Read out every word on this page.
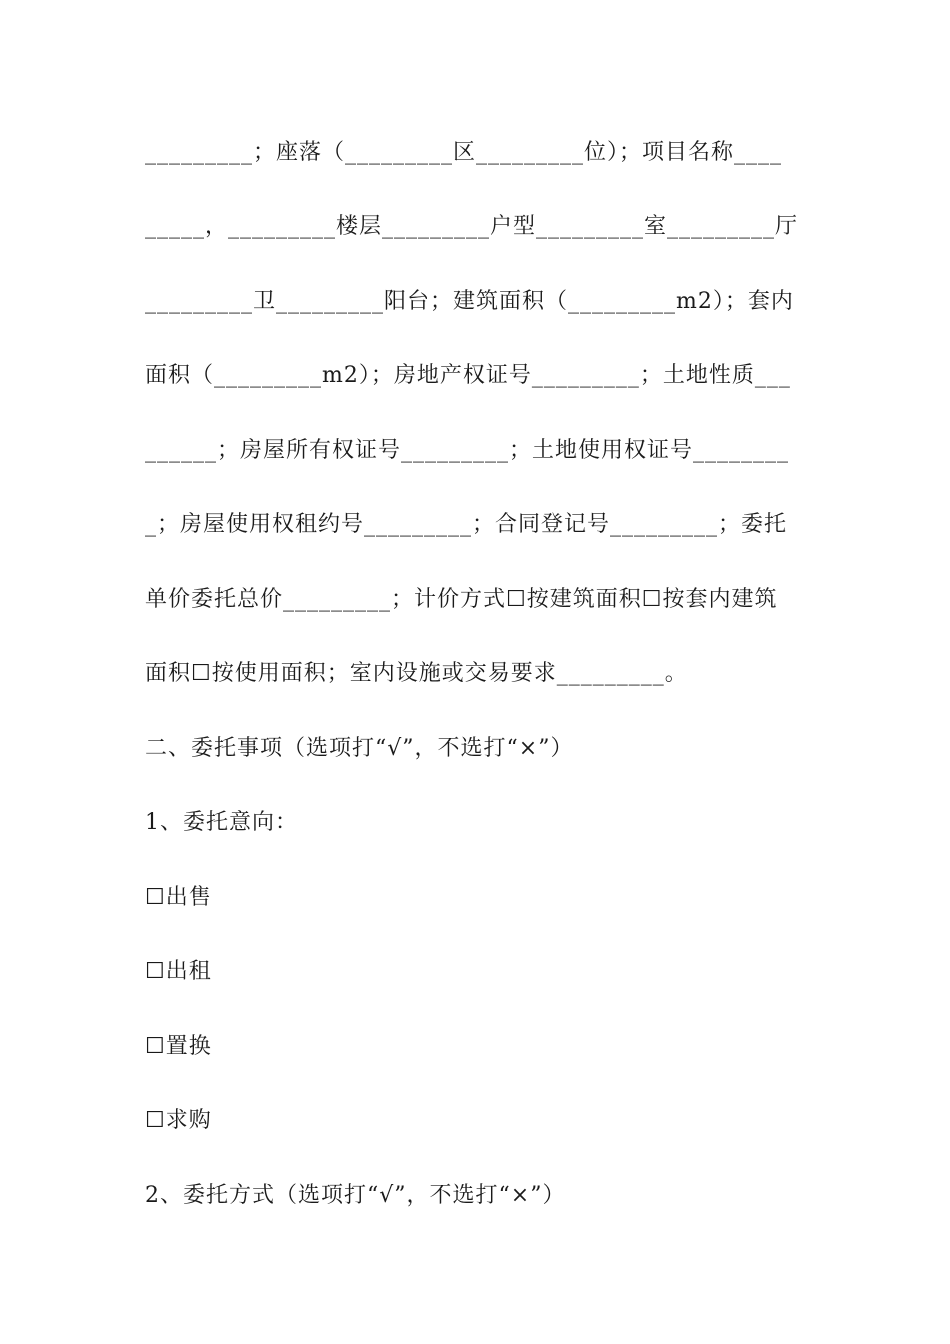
_________；座落（_________区_________位）；项目名称____
_____，_________楼层_________户型_________室_________厅
_________卫_________阳台；建筑面积（_________m2）；套内
面积（_________m2）；房地产权证号_________；土地性质___
______；房屋所有权证号_________；土地使用权证号________
_；房屋使用权租约号_________；合同登记号_________；委托
单价委托总价_________；计价方式☐按建筑面积☐按套内建筑
面积☐按使用面积；室内设施或交易要求_________。
二、委托事项（选项打“√”，不选打“×”）
1、委托意向：
☐出售
☐出租
☐置换
☐求购
2、委托方式（选项打“√”，不选打“×”）
